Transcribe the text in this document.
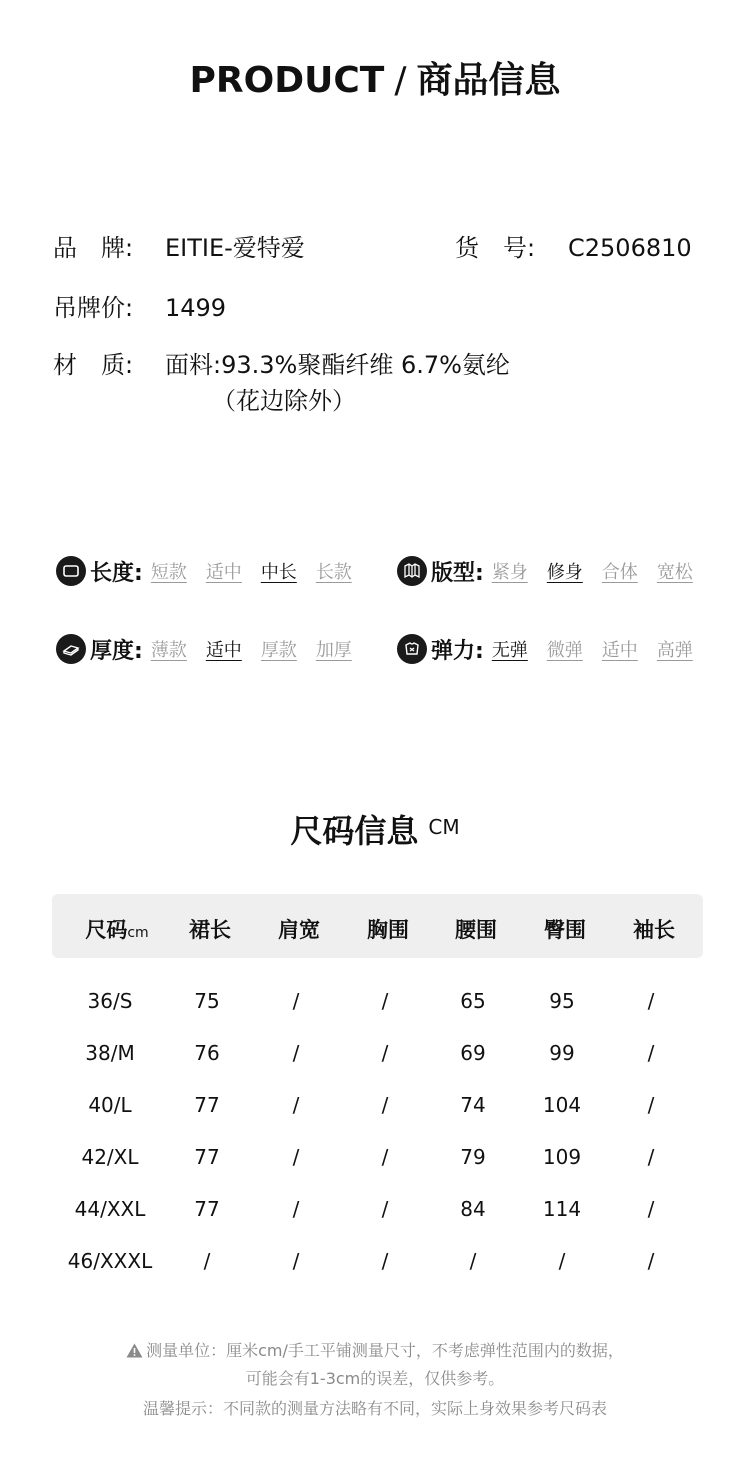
PRODUCT / 商品信息
品　牌: EITIE-爱特爱	货　号: C2506810
吊牌价: 1499
材　质: 面料:93.3%聚酯纤维 6.7%氨纶
（花边除外）
长度: 短款 适中 中长 长款	版型: 紧身 修身 合体 宽松
厚度: 薄款 适中 厚款 加厚	弹力: 无弹 微弹 适中 高弹
尺码信息 $^{CM}$
尺码cm	裙长	肩宽	胸围	腰围	臀围	袖长
36/S	75	/	/	65	95	/
38/M	76	/	/	69	99	/
40/L	77	/	/	74	104	/
42/XL	77	/	/	79	109	/
44/XXL	77	/	/	84	114	/
46/XXXL	/	/	/	/	/	/
测量单位：厘米cm/手工平铺测量尺寸，不考虑弹性范围内的数据，
可能会有1-3cm的误差，仅供参考。
温馨提示：不同款的测量方法略有不同，实际上身效果参考尺码表
